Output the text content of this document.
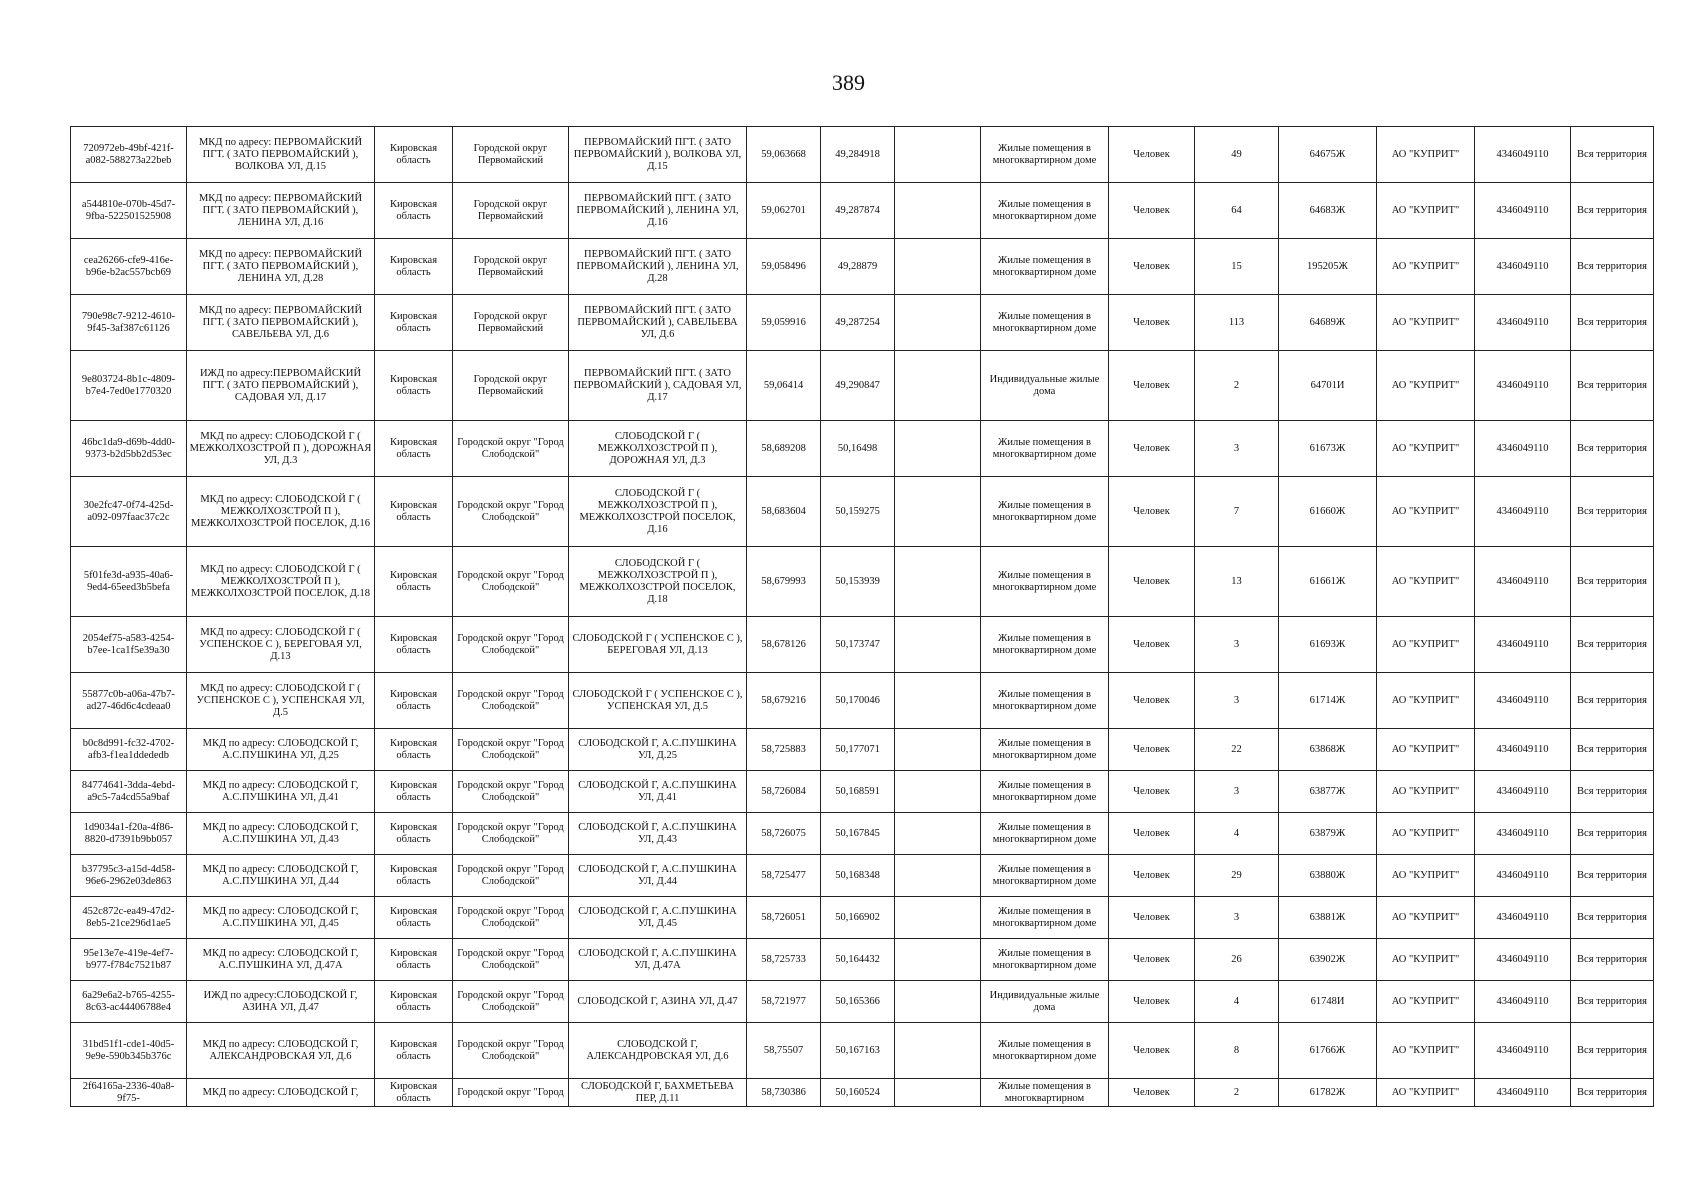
389
720972eb-49bf-421f-a082-588273a22beb	МКД по адресу: ПЕРВОМАЙСКИЙ ПГТ. ( ЗАТО ПЕРВОМАЙСКИЙ ), ВОЛКОВА УЛ, Д.15	Кировская область	Городской округ Первомайский	ПЕРВОМАЙСКИЙ ПГТ. ( ЗАТО ПЕРВОМАЙСКИЙ ), ВОЛКОВА УЛ, Д.15	59,063668	49,284918		Жилые помещения в многоквартирном доме	Человек	49	64675Ж	АО "КУПРИТ"	4346049110	Вся территория
a544810e-070b-45d7-9fba-522501525908	МКД по адресу: ПЕРВОМАЙСКИЙ ПГТ. ( ЗАТО ПЕРВОМАЙСКИЙ ), ЛЕНИНА УЛ, Д.16	Кировская область	Городской округ Первомайский	ПЕРВОМАЙСКИЙ ПГТ. ( ЗАТО ПЕРВОМАЙСКИЙ ), ЛЕНИНА УЛ, Д.16	59,062701	49,287874		Жилые помещения в многоквартирном доме	Человек	64	64683Ж	АО "КУПРИТ"	4346049110	Вся территория
cea26266-cfe9-416e-b96e-b2ac557bcb69	МКД по адресу: ПЕРВОМАЙСКИЙ ПГТ. ( ЗАТО ПЕРВОМАЙСКИЙ ), ЛЕНИНА УЛ, Д.28	Кировская область	Городской округ Первомайский	ПЕРВОМАЙСКИЙ ПГТ. ( ЗАТО ПЕРВОМАЙСКИЙ ), ЛЕНИНА УЛ, Д.28	59,058496	49,28879		Жилые помещения в многоквартирном доме	Человек	15	195205Ж	АО "КУПРИТ"	4346049110	Вся территория
790e98c7-9212-4610-9f45-3af387c61126	МКД по адресу: ПЕРВОМАЙСКИЙ ПГТ. ( ЗАТО ПЕРВОМАЙСКИЙ ), САВЕЛЬЕВА УЛ, Д.6	Кировская область	Городской округ Первомайский	ПЕРВОМАЙСКИЙ ПГТ. ( ЗАТО ПЕРВОМАЙСКИЙ ), САВЕЛЬЕВА УЛ, Д.6	59,059916	49,287254		Жилые помещения в многоквартирном доме	Человек	113	64689Ж	АО "КУПРИТ"	4346049110	Вся территория
9e803724-8b1c-4809-b7e4-7ed0e1770320	ИЖД по адресу:ПЕРВОМАЙСКИЙ ПГТ. ( ЗАТО ПЕРВОМАЙСКИЙ ), САДОВАЯ УЛ, Д.17	Кировская область	Городской округ Первомайский	ПЕРВОМАЙСКИЙ ПГТ. ( ЗАТО ПЕРВОМАЙСКИЙ ), САДОВАЯ УЛ, Д.17	59,06414	49,290847		Индивидуальные жилые дома	Человек	2	64701И	АО "КУПРИТ"	4346049110	Вся территория
46bc1da9-d69b-4dd0-9373-b2d5bb2d53ec	МКД по адресу: СЛОБОДСКОЙ Г ( МЕЖКОЛХОЗСТРОЙ П ), ДОРОЖНАЯ УЛ, Д.3	Кировская область	Городской округ "Город Слободской"	СЛОБОДСКОЙ Г ( МЕЖКОЛХОЗСТРОЙ П ), ДОРОЖНАЯ УЛ, Д.3	58,689208	50,16498		Жилые помещения в многоквартирном доме	Человек	3	61673Ж	АО "КУПРИТ"	4346049110	Вся территория
30e2fc47-0f74-425d-a092-097faac37c2c	МКД по адресу: СЛОБОДСКОЙ Г ( МЕЖКОЛХОЗСТРОЙ П ), МЕЖКОЛХОЗСТРОЙ ПОСЕЛОК, Д.16	Кировская область	Городской округ "Город Слободской"	СЛОБОДСКОЙ Г ( МЕЖКОЛХОЗСТРОЙ П ), МЕЖКОЛХОЗСТРОЙ ПОСЕЛОК, Д.16	58,683604	50,159275		Жилые помещения в многоквартирном доме	Человек	7	61660Ж	АО "КУПРИТ"	4346049110	Вся территория
5f01fe3d-a935-40a6-9ed4-65eed3b5befa	МКД по адресу: СЛОБОДСКОЙ Г ( МЕЖКОЛХОЗСТРОЙ П ), МЕЖКОЛХОЗСТРОЙ ПОСЕЛОК, Д.18	Кировская область	Городской округ "Город Слободской"	СЛОБОДСКОЙ Г ( МЕЖКОЛХОЗСТРОЙ П ), МЕЖКОЛХОЗСТРОЙ ПОСЕЛОК, Д.18	58,679993	50,153939		Жилые помещения в многоквартирном доме	Человек	13	61661Ж	АО "КУПРИТ"	4346049110	Вся территория
2054ef75-a583-4254-b7ee-1ca1f5e39a30	МКД по адресу: СЛОБОДСКОЙ Г ( УСПЕНСКОЕ С ), БЕРЕГОВАЯ УЛ, Д.13	Кировская область	Городской округ "Город Слободской"	СЛОБОДСКОЙ Г ( УСПЕНСКОЕ С ), БЕРЕГОВАЯ УЛ, Д.13	58,678126	50,173747		Жилые помещения в многоквартирном доме	Человек	3	61693Ж	АО "КУПРИТ"	4346049110	Вся территория
55877c0b-a06a-47b7-ad27-46d6c4cdeaa0	МКД по адресу: СЛОБОДСКОЙ Г ( УСПЕНСКОЕ С ), УСПЕНСКАЯ УЛ, Д.5	Кировская область	Городской округ "Город Слободской"	СЛОБОДСКОЙ Г ( УСПЕНСКОЕ С ), УСПЕНСКАЯ УЛ, Д.5	58,679216	50,170046		Жилые помещения в многоквартирном доме	Человек	3	61714Ж	АО "КУПРИТ"	4346049110	Вся территория
b0c8d991-fc32-4702-afb3-f1ea1ddededb	МКД по адресу: СЛОБОДСКОЙ Г, А.С.ПУШКИНА УЛ, Д.25	Кировская область	Городской округ "Город Слободской"	СЛОБОДСКОЙ Г, А.С.ПУШКИНА УЛ, Д.25	58,725883	50,177071		Жилые помещения в многоквартирном доме	Человек	22	63868Ж	АО "КУПРИТ"	4346049110	Вся территория
84774641-3dda-4ebd-a9c5-7a4cd55a9baf	МКД по адресу: СЛОБОДСКОЙ Г, А.С.ПУШКИНА УЛ, Д.41	Кировская область	Городской округ "Город Слободской"	СЛОБОДСКОЙ Г, А.С.ПУШКИНА УЛ, Д.41	58,726084	50,168591		Жилые помещения в многоквартирном доме	Человек	3	63877Ж	АО "КУПРИТ"	4346049110	Вся территория
1d9034a1-f20a-4f86-8820-d7391b9bb057	МКД по адресу: СЛОБОДСКОЙ Г, А.С.ПУШКИНА УЛ, Д.43	Кировская область	Городской округ "Город Слободской"	СЛОБОДСКОЙ Г, А.С.ПУШКИНА УЛ, Д.43	58,726075	50,167845		Жилые помещения в многоквартирном доме	Человек	4	63879Ж	АО "КУПРИТ"	4346049110	Вся территория
b37795c3-a15d-4d58-96e6-2962e03de863	МКД по адресу: СЛОБОДСКОЙ Г, А.С.ПУШКИНА УЛ, Д.44	Кировская область	Городской округ "Город Слободской"	СЛОБОДСКОЙ Г, А.С.ПУШКИНА УЛ, Д.44	58,725477	50,168348		Жилые помещения в многоквартирном доме	Человек	29	63880Ж	АО "КУПРИТ"	4346049110	Вся территория
452c872c-ea49-47d2-8eb5-21ce296d1ae5	МКД по адресу: СЛОБОДСКОЙ Г, А.С.ПУШКИНА УЛ, Д.45	Кировская область	Городской округ "Город Слободской"	СЛОБОДСКОЙ Г, А.С.ПУШКИНА УЛ, Д.45	58,726051	50,166902		Жилые помещения в многоквартирном доме	Человек	3	63881Ж	АО "КУПРИТ"	4346049110	Вся территория
95e13e7e-419e-4ef7-b977-f784c7521b87	МКД по адресу: СЛОБОДСКОЙ Г, А.С.ПУШКИНА УЛ, Д.47А	Кировская область	Городской округ "Город Слободской"	СЛОБОДСКОЙ Г, А.С.ПУШКИНА УЛ, Д.47А	58,725733	50,164432		Жилые помещения в многоквартирном доме	Человек	26	63902Ж	АО "КУПРИТ"	4346049110	Вся территория
6a29e6a2-b765-4255-8c63-ac44406788e4	ИЖД по адресу:СЛОБОДСКОЙ Г, АЗИНА УЛ, Д.47	Кировская область	Городской округ "Город Слободской"	СЛОБОДСКОЙ Г, АЗИНА УЛ, Д.47	58,721977	50,165366		Индивидуальные жилые дома	Человек	4	61748И	АО "КУПРИТ"	4346049110	Вся территория
31bd51f1-cde1-40d5-9e9e-590b345b376c	МКД по адресу: СЛОБОДСКОЙ Г, АЛЕКСАНДРОВСКАЯ УЛ, Д.6	Кировская область	Городской округ "Город Слободской"	СЛОБОДСКОЙ Г, АЛЕКСАНДРОВСКАЯ УЛ, Д.6	58,75507	50,167163		Жилые помещения в многоквартирном доме	Человек	8	61766Ж	АО "КУПРИТ"	4346049110	Вся территория
2f64165a-2336-40a8-9f75-	МКД по адресу: СЛОБОДСКОЙ Г,	Кировская область	Городской округ "Город	СЛОБОДСКОЙ Г, БАХМЕТЬЕВА ПЕР, Д.11	58,730386	50,160524		Жилые помещения в многоквартирном	Человек	2	61782Ж	АО "КУПРИТ"	4346049110	Вся территория
